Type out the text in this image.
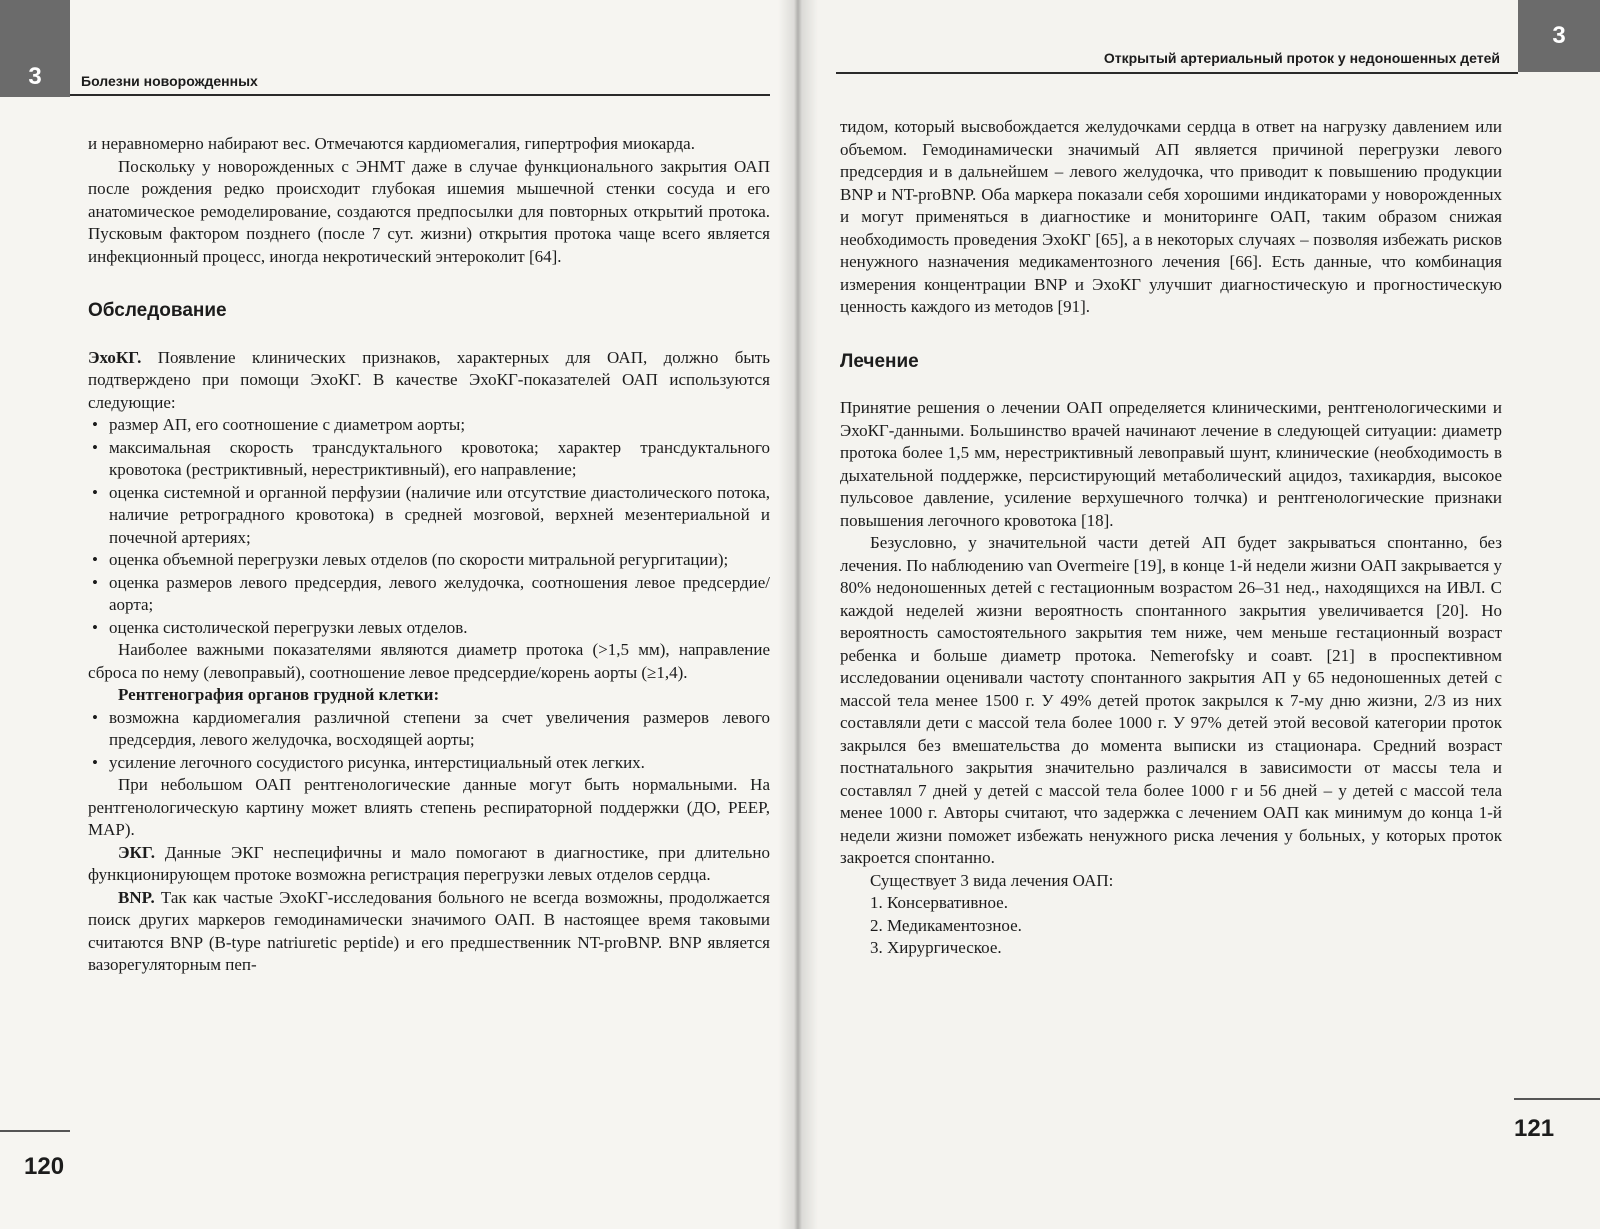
3	Болезни новорожденных

и неравномерно набирают вес. Отмечаются кардиомегалия, гипертрофия миокарда.

Поскольку у новорожденных с ЭНМТ даже в случае функционального закрытия ОАП после рождения редко происходит глубокая ишемия мышечной стенки сосуда и его анатомическое ремоделирование, создаются предпосылки для повторных открытий протока. Пусковым фактором позднего (после 7 сут. жизни) открытия протока чаще всего является инфекционный процесс, иногда некротический энтероколит [64].

Обследование

ЭхоКГ. Появление клинических признаков, характерных для ОАП, должно быть подтверждено при помощи ЭхоКГ. В качестве ЭхоКГ-показателей ОАП используются следующие:

• размер АП, его соотношение с диаметром аорты;
• максимальная скорость трансдуктального кровотока; характер трансдуктального кровотока (рестриктивный, нерестриктивный), его направление;
• оценка системной и органной перфузии (наличие или отсутствие диастолического потока, наличие ретроградного кровотока) в средней мозговой, верхней мезентериальной и почечной артериях;
• оценка объемной перегрузки левых отделов (по скорости митральной регургитации);
• оценка размеров левого предсердия, левого желудочка, соотношения левое предсердие/аорта;
• оценка систолической перегрузки левых отделов.

Наиболее важными показателями являются диаметр протока (>1,5 мм), направление сброса по нему (левоправый), соотношение левое предсердие/корень аорты (≥1,4).

Рентгенография органов грудной клетки:
• возможна кардиомегалия различной степени за счет увеличения размеров левого предсердия, левого желудочка, восходящей аорты;
• усиление легочного сосудистого рисунка, интерстициальный отек легких.

При небольшом ОАП рентгенологические данные могут быть нормальными. На рентгенологическую картину может влиять степень респираторной поддержки (ДО, PEEP, MAP).

ЭКГ. Данные ЭКГ неспецифичны и мало помогают в диагностике, при длительно функционирующем протоке возможна регистрация перегрузки левых отделов сердца.

BNP. Так как частые ЭхоКГ-исследования больного не всегда возможны, продолжается поиск других маркеров гемодинамически значимого ОАП. В настоящее время таковыми считаются BNP (B-type natriuretic peptide) и его предшественник NT-proBNP. BNP является вазорегуляторным пеп-

120
Открытый артериальный проток у недоношенных детей
3

тидом, который высвобождается желудочками сердца в ответ на нагрузку давлением или объемом. Гемодинамически значимый АП является причиной перегрузки левого предсердия и в дальнейшем – левого желудочка, что приводит к повышению продукции BNP и NT-proBNP. Оба маркера показали себя хорошими индикаторами у новорожденных и могут применяться в диагностике и мониторинге ОАП, таким образом снижая необходимость проведения ЭхоКГ [65], а в некоторых случаях – позволяя избежать рисков ненужного назначения медикаментозного лечения [66]. Есть данные, что комбинация измерения концентрации BNP и ЭхоКГ улучшит диагностическую и прогностическую ценность каждого из методов [91].

Лечение

Принятие решения о лечении ОАП определяется клиническими, рентгенологическими и ЭхоКГ-данными. Большинство врачей начинают лечение в следующей ситуации: диаметр протока более 1,5 мм, нерестриктивный левоправый шунт, клинические (необходимость в дыхательной поддержке, персистирующий метаболический ацидоз, тахикардия, высокое пульсовое давление, усиление верхушечного толчка) и рентгенологические признаки повышения легочного кровотока [18].

Безусловно, у значительной части детей АП будет закрываться спонтанно, без лечения. По наблюдению van Overmeire [19], в конце 1-й недели жизни ОАП закрывается у 80% недоношенных детей с гестационным возрастом 26–31 нед., находящихся на ИВЛ. С каждой неделей жизни вероятность спонтанного закрытия увеличивается [20]. Но вероятность самостоятельного закрытия тем ниже, чем меньше гестационный возраст ребенка и больше диаметр протока. Nemerofsky и соавт. [21] в проспективном исследовании оценивали частоту спонтанного закрытия АП у 65 недоношенных детей с массой тела менее 1500 г. У 49% детей проток закрылся к 7-му дню жизни, 2/3 из них составляли дети с массой тела более 1000 г. У 97% детей этой весовой категории проток закрылся без вмешательства до момента выписки из стационара. Средний возраст постнатального закрытия значительно различался в зависимости от массы тела и составлял 7 дней у детей с массой тела более 1000 г и 56 дней – у детей с массой тела менее 1000 г. Авторы считают, что задержка с лечением ОАП как минимум до конца 1-й недели жизни поможет избежать ненужного риска лечения у больных, у которых проток закроется спонтанно.

Существует 3 вида лечения ОАП:

1. Консервативное.
2. Медикаментозное.
3. Хирургическое.
121
